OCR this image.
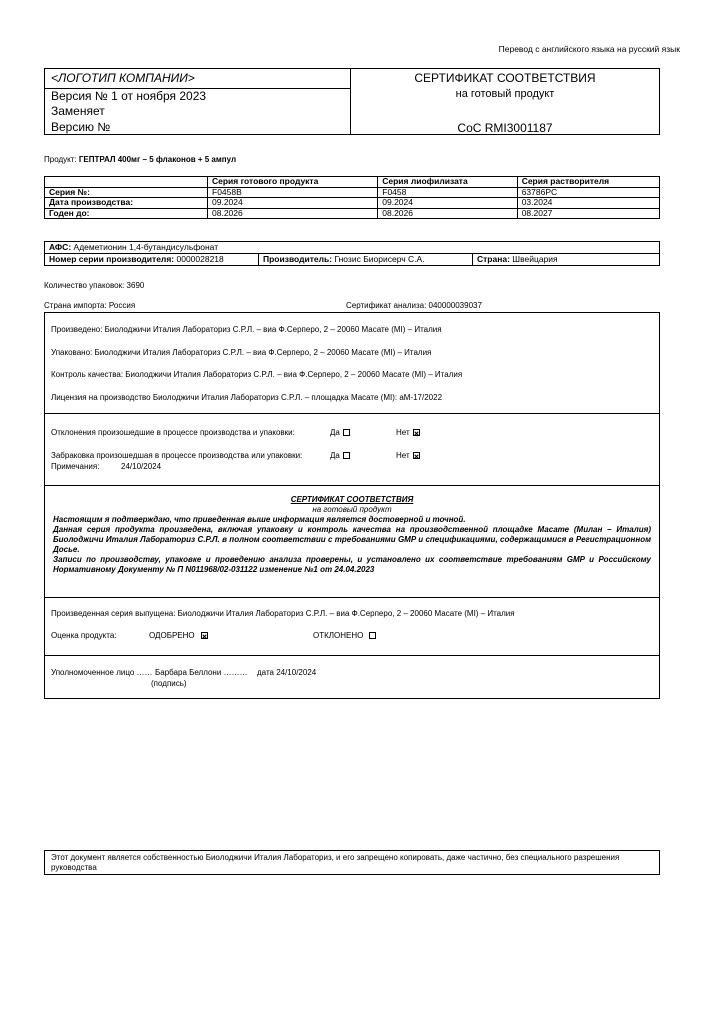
Перевод с английского языка на русский язык
<ЛОГОТИП КОМПАНИИ>
Версия № 1 от ноября 2023
Заменяет
Версию №
СЕРТИФИКАТ СООТВЕТСТВИЯ
на готовый продукт
CoC RMI3001187
Продукт: ГЕПТРАЛ 400мг – 5 флаконов + 5 ампул
	Серия готового продукта	Серия лиофилизата	Серия растворителя
Серия №:	F0458B	F0458	63786PC
Дата производства:	09.2024	09.2024	03.2024
Годен до:	08.2026	08.2026	08.2027
АФС: Адеметионин 1,4-бутандисульфонат
Номер серии производителя: 0000028218	Производитель: Гнозис Биорисерч С.А.	Страна: Швейцария
Количество упаковок: 3690
Страна импорта: Россия	Сертификат анализа: 040000039037
Произведено: Биолоджичи Италия Лабораториз С.Р.Л. – виа Ф.Серперо, 2 – 20060 Масате (MI) – Италия
Упаковано: Биолоджичи Италия Лабораториз С.Р.Л. – виа Ф.Серперо, 2 – 20060 Масате (MI) – Италия
Контроль качества: Биолоджичи Италия Лабораториз С.Р.Л. – виа Ф.Серперо, 2 – 20060 Масате (MI) – Италия
Лицензия на производство Биолоджичи Италия Лабораториз С.Р.Л. – площадка Масате (MI): aM-17/2022
Отклонения произошедшие в процессе производства и упаковки:	Да	Нет
Забраковка произошедшая в процессе производства или упаковки:	Да	Нет
Примечания:	24/10/2024
СЕРТИФИКАТ СООТВЕТСТВИЯ
на готовый продукт
Настоящим я подтверждаю, что приведенная выше информация является достоверной и точной.
Данная серия продукта произведена, включая упаковку и контроль качества на производственной площадке Масате (Милан – Италия) Биолоджичи Италия Лабораториз С.Р.Л. в полном соответствии с требованиями GMP и спецификациями, содержащимися в Регистрационном Досье.
Записи по производству, упаковке и проведению анализа проверены, и установлено их соответствие требованиям GMP и Российскому Нормативному Документу № П N011968/02-031122 изменение №1 от 24.04.2023
Произведенная серия выпущена: Биолоджичи Италия Лабораториз С.Р.Л. – виа Ф.Серперо, 2 – 20060 Масате (MI) – Италия
Оценка продукта:	ОДОБРЕНО	ОТКЛОНЕНО
Уполномоченное лицо …… Барбара Беллони ……… дата 24/10/2024
(подпись)
Этот документ является собственностью Биолоджичи Италия Лабораториз, и его запрещено копировать, даже частично, без специального разрешения руководства
